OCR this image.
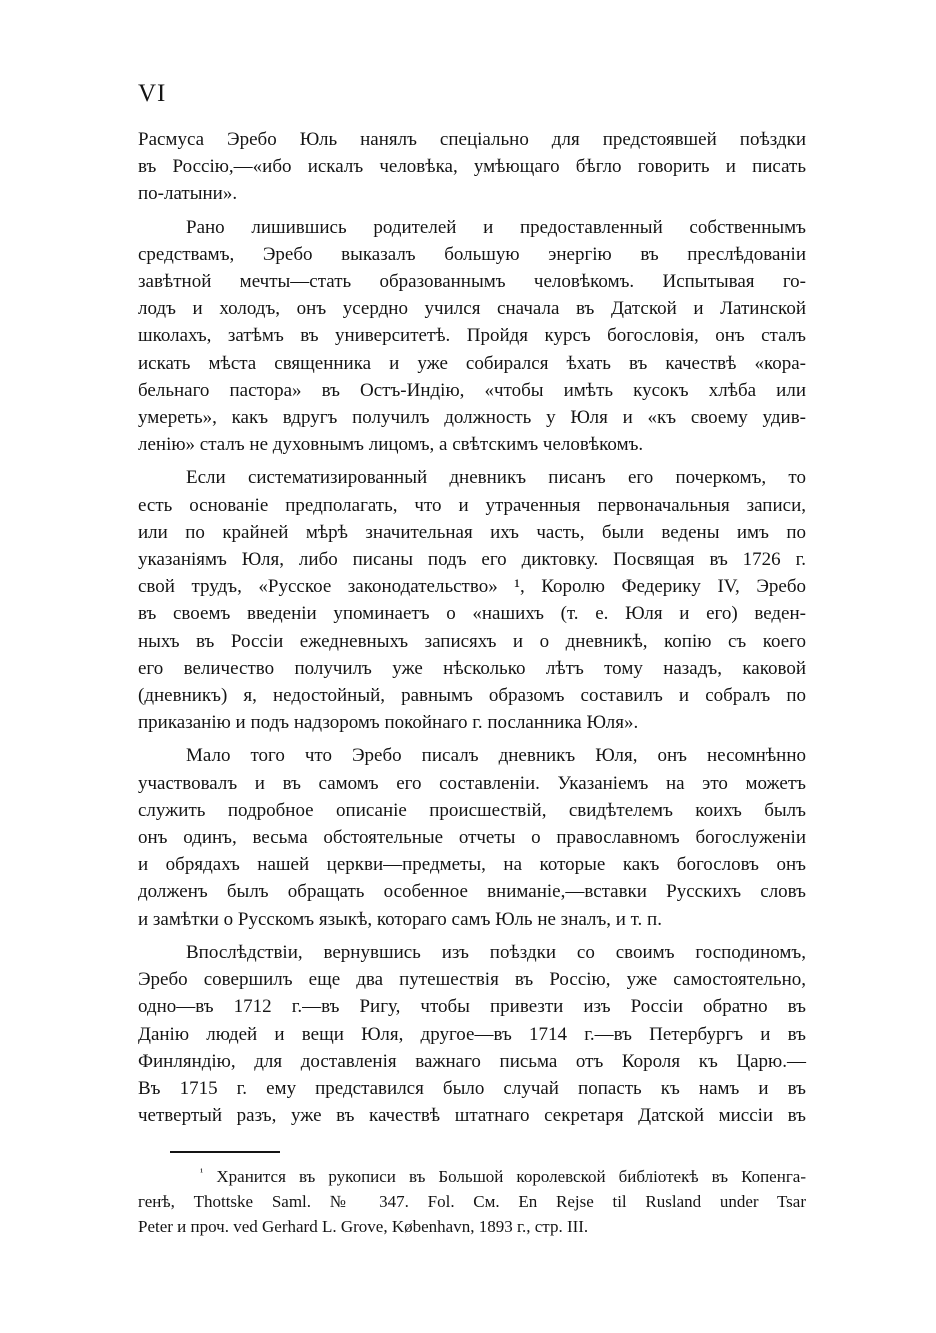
VI

Расмуса Эребо Юль нанялъ спеціально для предстоявшей поѣздки
въ Россію,—«ибо искалъ человѣка, умѣющаго бѣгло говорить и писать
по-латыни».

Рано лишившись родителей и предоставленный собственнымъ
средствамъ, Эребо выказалъ большую энергію въ преслѣдованіи
завѣтной мечты—стать образованнымъ человѣкомъ. Испытывая го-
лодъ и холодъ, онъ усердно учился сначала въ Датской и Латинской
школахъ, затѣмъ въ университетѣ. Пройдя курсъ богословія, онъ сталъ
искать мѣста священника и уже собирался ѣхать въ качествѣ «кора-
бельнаго пастора» въ Остъ-Индію, «чтобы имѣть кусокъ хлѣба или
умереть», какъ вдругъ получилъ должность у Юля и «къ своему удив-
ленію» сталъ не духовнымъ лицомъ, а свѣтскимъ человѣкомъ.

Если систематизированный дневникъ писанъ его почеркомъ, то
есть основаніе предполагать, что и утраченныя первоначальныя записи,
или по крайней мѣрѣ значительная ихъ часть, были ведены имъ по
указаніямъ Юля, либо писаны подъ его диктовку. Посвящая въ 1726 г.
свой трудъ, «Русское законодательство» ¹, Королю Федерику IV, Эребо
въ своемъ введеніи упоминаетъ о «нашихъ (т. е. Юля и его) веден-
ныхъ въ Россіи ежедневныхъ записяхъ и о дневникѣ, копію съ коего
его величество получилъ уже нѣсколько лѣтъ тому назадъ, каковой
(дневникъ) я, недостойный, равнымъ образомъ составилъ и собралъ по
приказанію и подъ надзоромъ покойнаго г. посланника Юля».

Мало того что Эребо писалъ дневникъ Юля, онъ несомнѣнно
участвовалъ и въ самомъ его составленіи. Указаніемъ на это можетъ
служить подробное описаніе происшествій, свидѣтелемъ коихъ былъ
онъ одинъ, весьма обстоятельные отчеты о православномъ богослуженіи
и обрядахъ нашей церкви—предметы, на которые какъ богословъ онъ
долженъ былъ обращать особенное вниманіе,—вставки Русскихъ словъ
и замѣтки о Русскомъ языкѣ, котораго самъ Юль не зналъ, и т. п.

Впослѣдствіи, вернувшись изъ поѣздки со своимъ господиномъ,
Эребо совершилъ еще два путешествія въ Россію, уже самостоятельно,
одно—въ 1712 г.—въ Ригу, чтобы привезти изъ Россіи обратно въ
Данію людей и вещи Юля, другое—въ 1714 г.—въ Петербургъ и въ
Финляндію, для доставленія важнаго письма отъ Короля къ Царю.—
Въ 1715 г. ему представился было случай попасть къ намъ и въ
четвертый разъ, уже въ качествѣ штатнаго секретаря Датской миссіи въ

$^{^1}$ Хранится въ рукописи въ Большой королевской библіотекѣ въ Копенга-
генѣ, Thottske Saml. № 347. Fol. См. En Rejse til Rusland under Tsar
Peter и проч. ved Gerhard L. Grove, København, 1893 г., стр. III.
